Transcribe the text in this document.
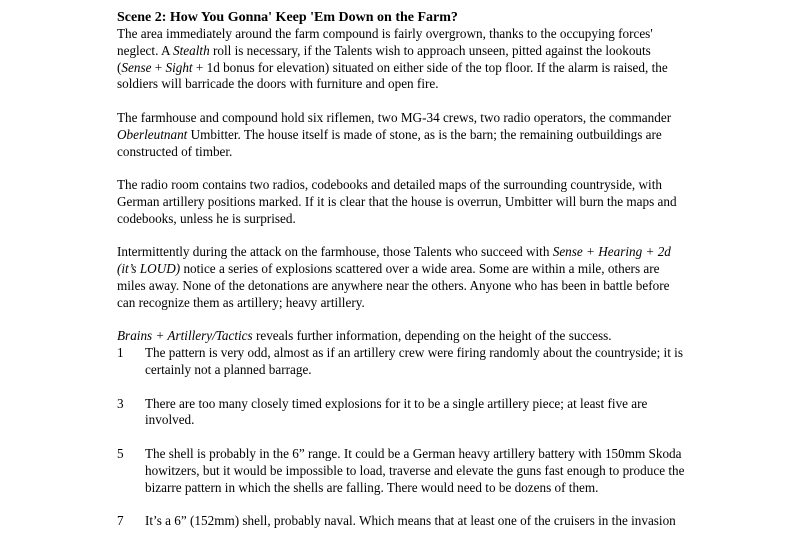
Scene 2: How You Gonna' Keep 'Em Down on the Farm?

The area immediately around the farm compound is fairly overgrown, thanks to the occupying forces' neglect. A Stealth roll is necessary, if the Talents wish to approach unseen, pitted against the lookouts (Sense + Sight + 1d bonus for elevation) situated on either side of the top floor. If the alarm is raised, the soldiers will barricade the doors with furniture and open fire.

The farmhouse and compound hold six riflemen, two MG-34 crews, two radio operators, the commander Oberleutnant Umbitter. The house itself is made of stone, as is the barn; the remaining outbuildings are constructed of timber.

The radio room contains two radios, codebooks and detailed maps of the surrounding countryside, with German artillery positions marked. If it is clear that the house is overrun, Umbitter will burn the maps and codebooks, unless he is surprised.

Intermittently during the attack on the farmhouse, those Talents who succeed with Sense + Hearing + 2d (it’s LOUD) notice a series of explosions scattered over a wide area. Some are within a mile, others are miles away. None of the detonations are anywhere near the others. Anyone who has been in battle before can recognize them as artillery; heavy artillery.

Brains + Artillery/Tactics reveals further information, depending on the height of the success.

1	The pattern is very odd, almost as if an artillery crew were firing randomly about the countryside; it is certainly not a planned barrage.
3	There are too many closely timed explosions for it to be a single artillery piece; at least five are involved.
5	The shell is probably in the 6” range. It could be a German heavy artillery battery with 150mm Skoda howitzers, but it would be impossible to load, traverse and elevate the guns fast enough to produce the bizarre pattern in which the shells are falling. There would need to be dozens of them.
7	It’s a 6” (152mm) shell, probably naval. Which means that at least one of the cruisers in the invasion
